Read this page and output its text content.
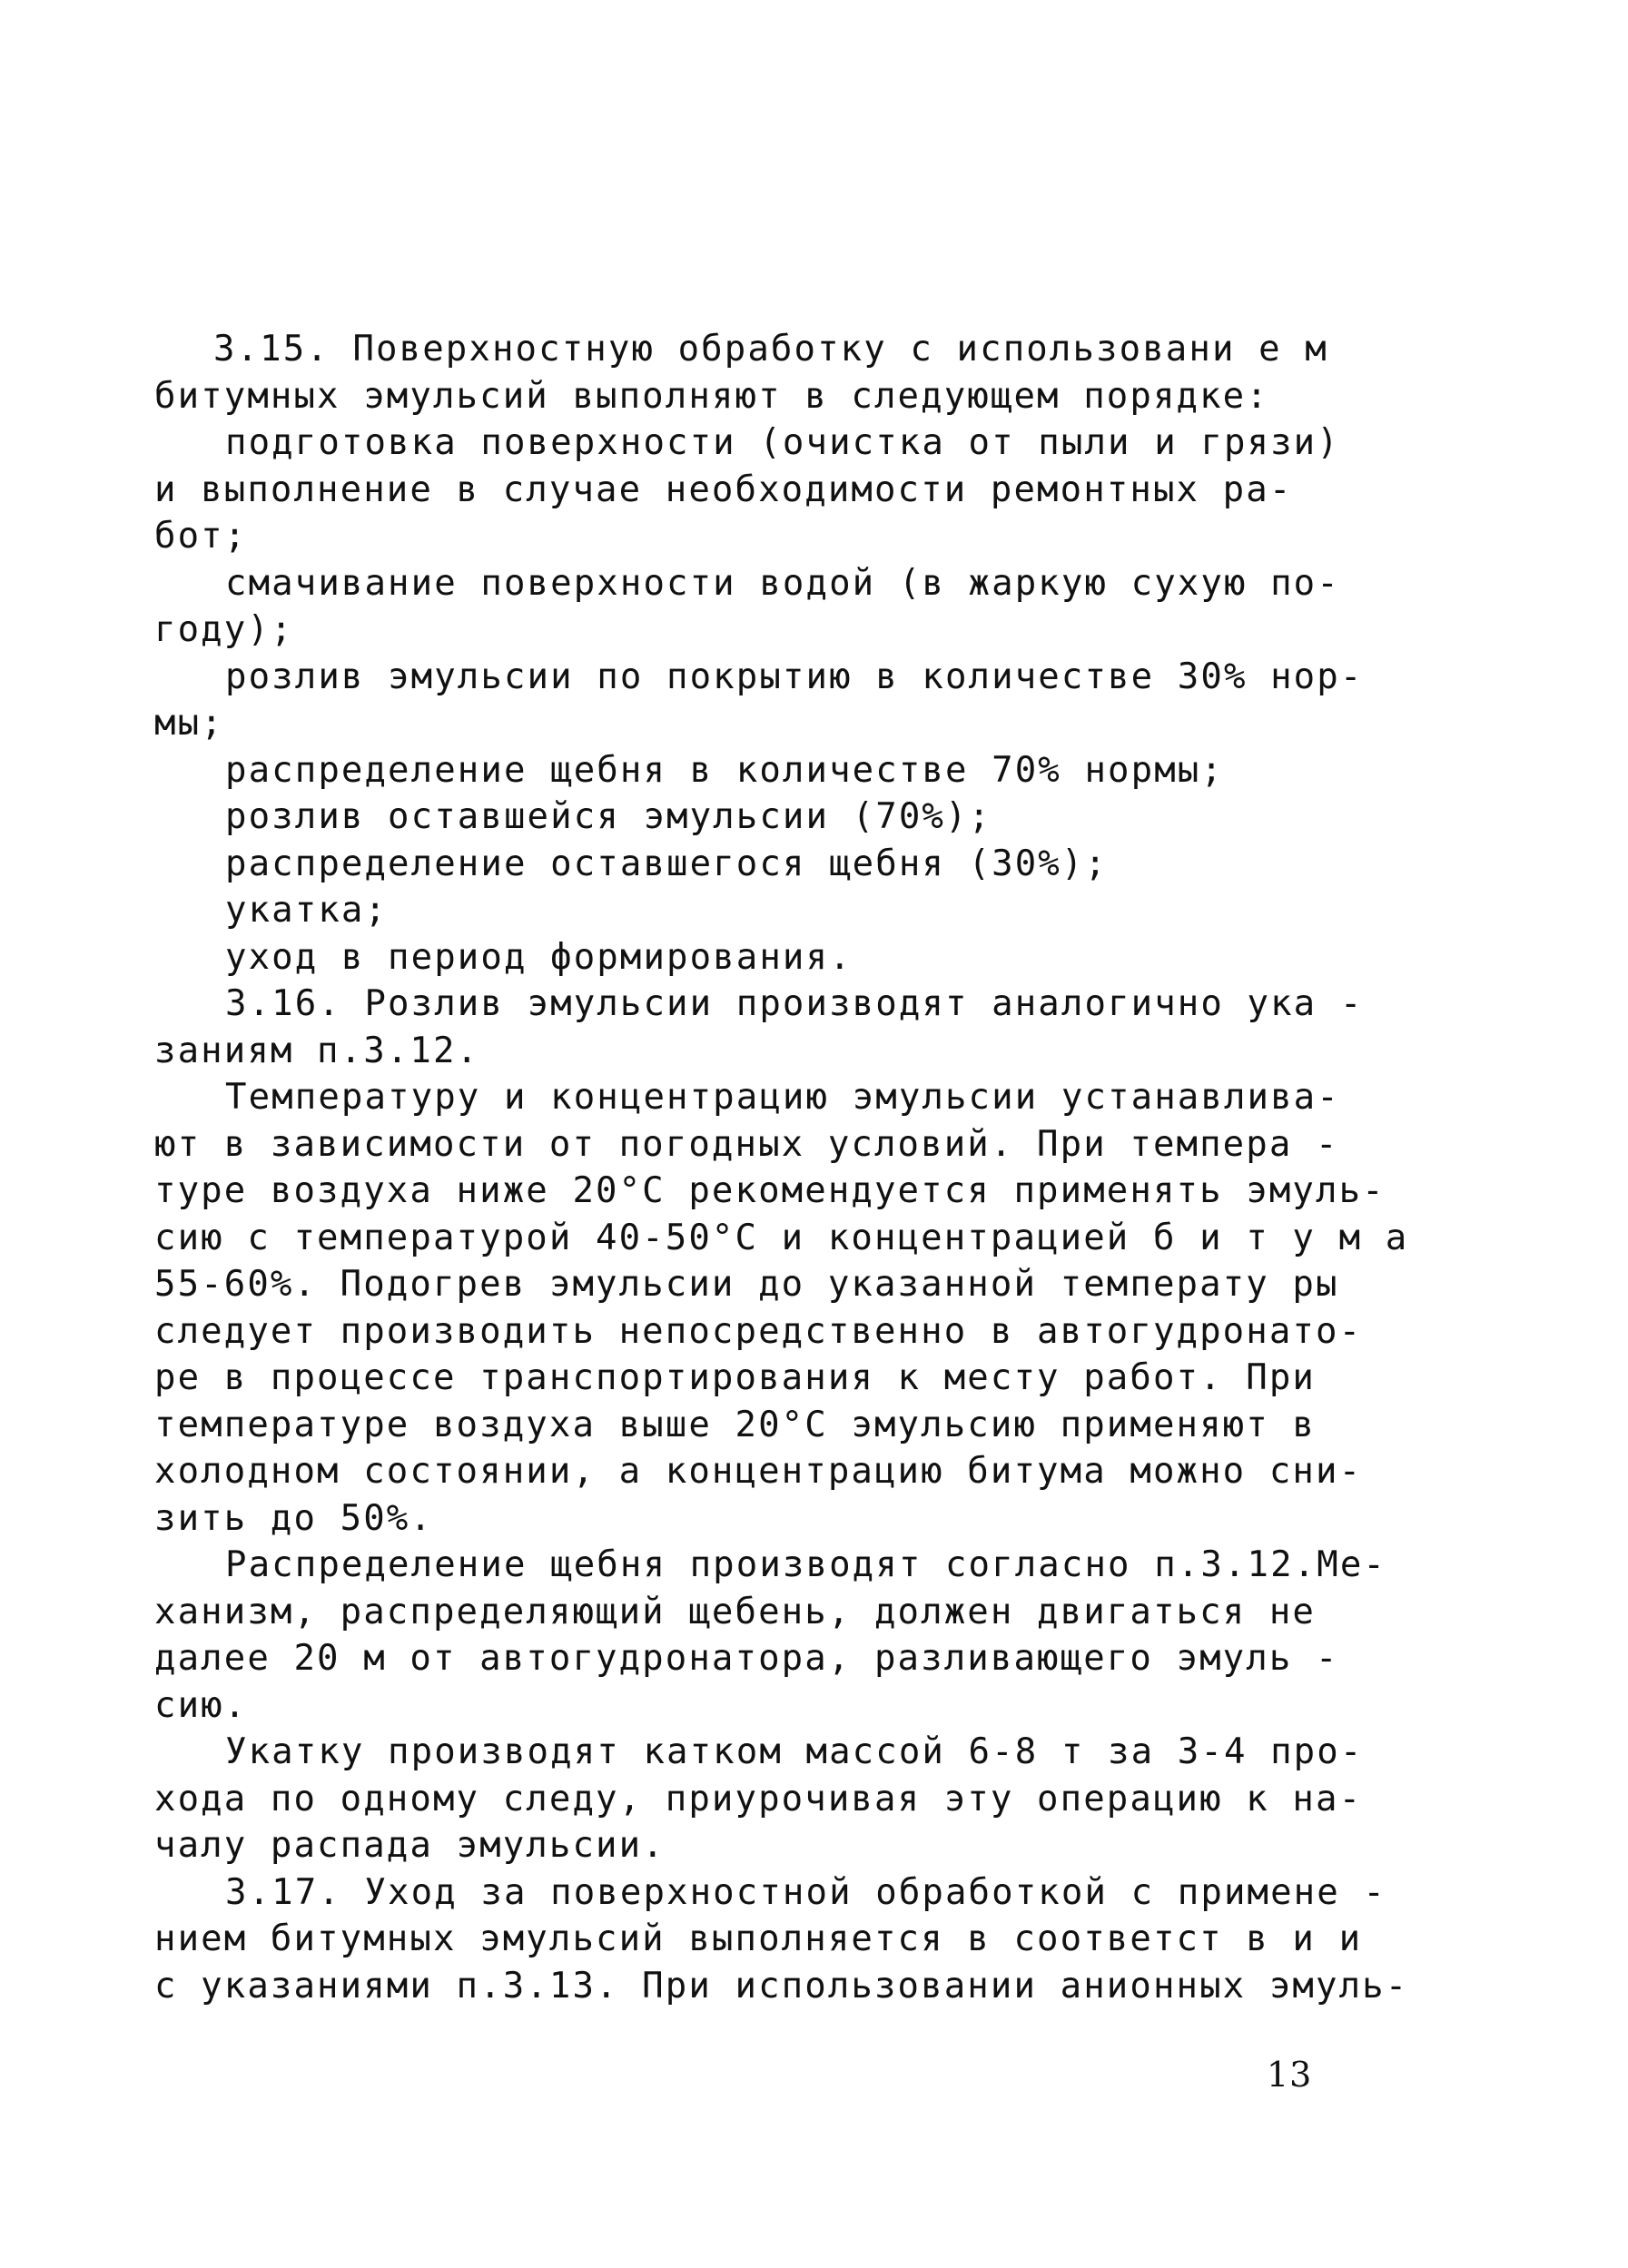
3.15. Поверхностную обработку с использовани е м
битумных эмульсий выполняют в следующем порядке:
подготовка поверхности (очистка от пыли и грязи)
и выполнение в случае необходимости ремонтных ра-
бот;
смачивание поверхности водой (в жаркую сухую по-
году);
розлив эмульсии по покрытию в количестве 30% нор-
мы;
распределение щебня в количестве 70% нормы;
розлив оставшейся эмульсии (70%);
распределение оставшегося щебня (30%);
укатка;
уход в период формирования.
3.16. Розлив эмульсии производят аналогично ука -
заниям п.3.12.
Температуру и концентрацию эмульсии устанавлива-
ют в зависимости от погодных условий. При темпера -
туре воздуха ниже 20°С рекомендуется применять эмуль-
сию с температурой 40-50°С и концентрацией б и т у м а
55-60%. Подогрев эмульсии до указанной температу ры
следует производить непосредственно в автогудронато-
ре в процессе транспортирования к месту работ. При
температуре воздуха выше 20°С эмульсию применяют в
холодном состоянии, а концентрацию битума можно сни-
зить до 50%.
Распределение щебня производят согласно п.3.12.Ме-
ханизм, распределяющий щебень, должен двигаться не
далее 20 м от автогудронатора, разливающего эмуль -
сию.
Укатку производят катком массой 6-8 т за 3-4 про-
хода по одному следу, приурочивая эту операцию к на-
чалу распада эмульсии.
3.17. Уход за поверхностной обработкой с примене -
нием битумных эмульсий выполняется в соответст в и и
с указаниями п.3.13. При использовании анионных эмуль-
13
